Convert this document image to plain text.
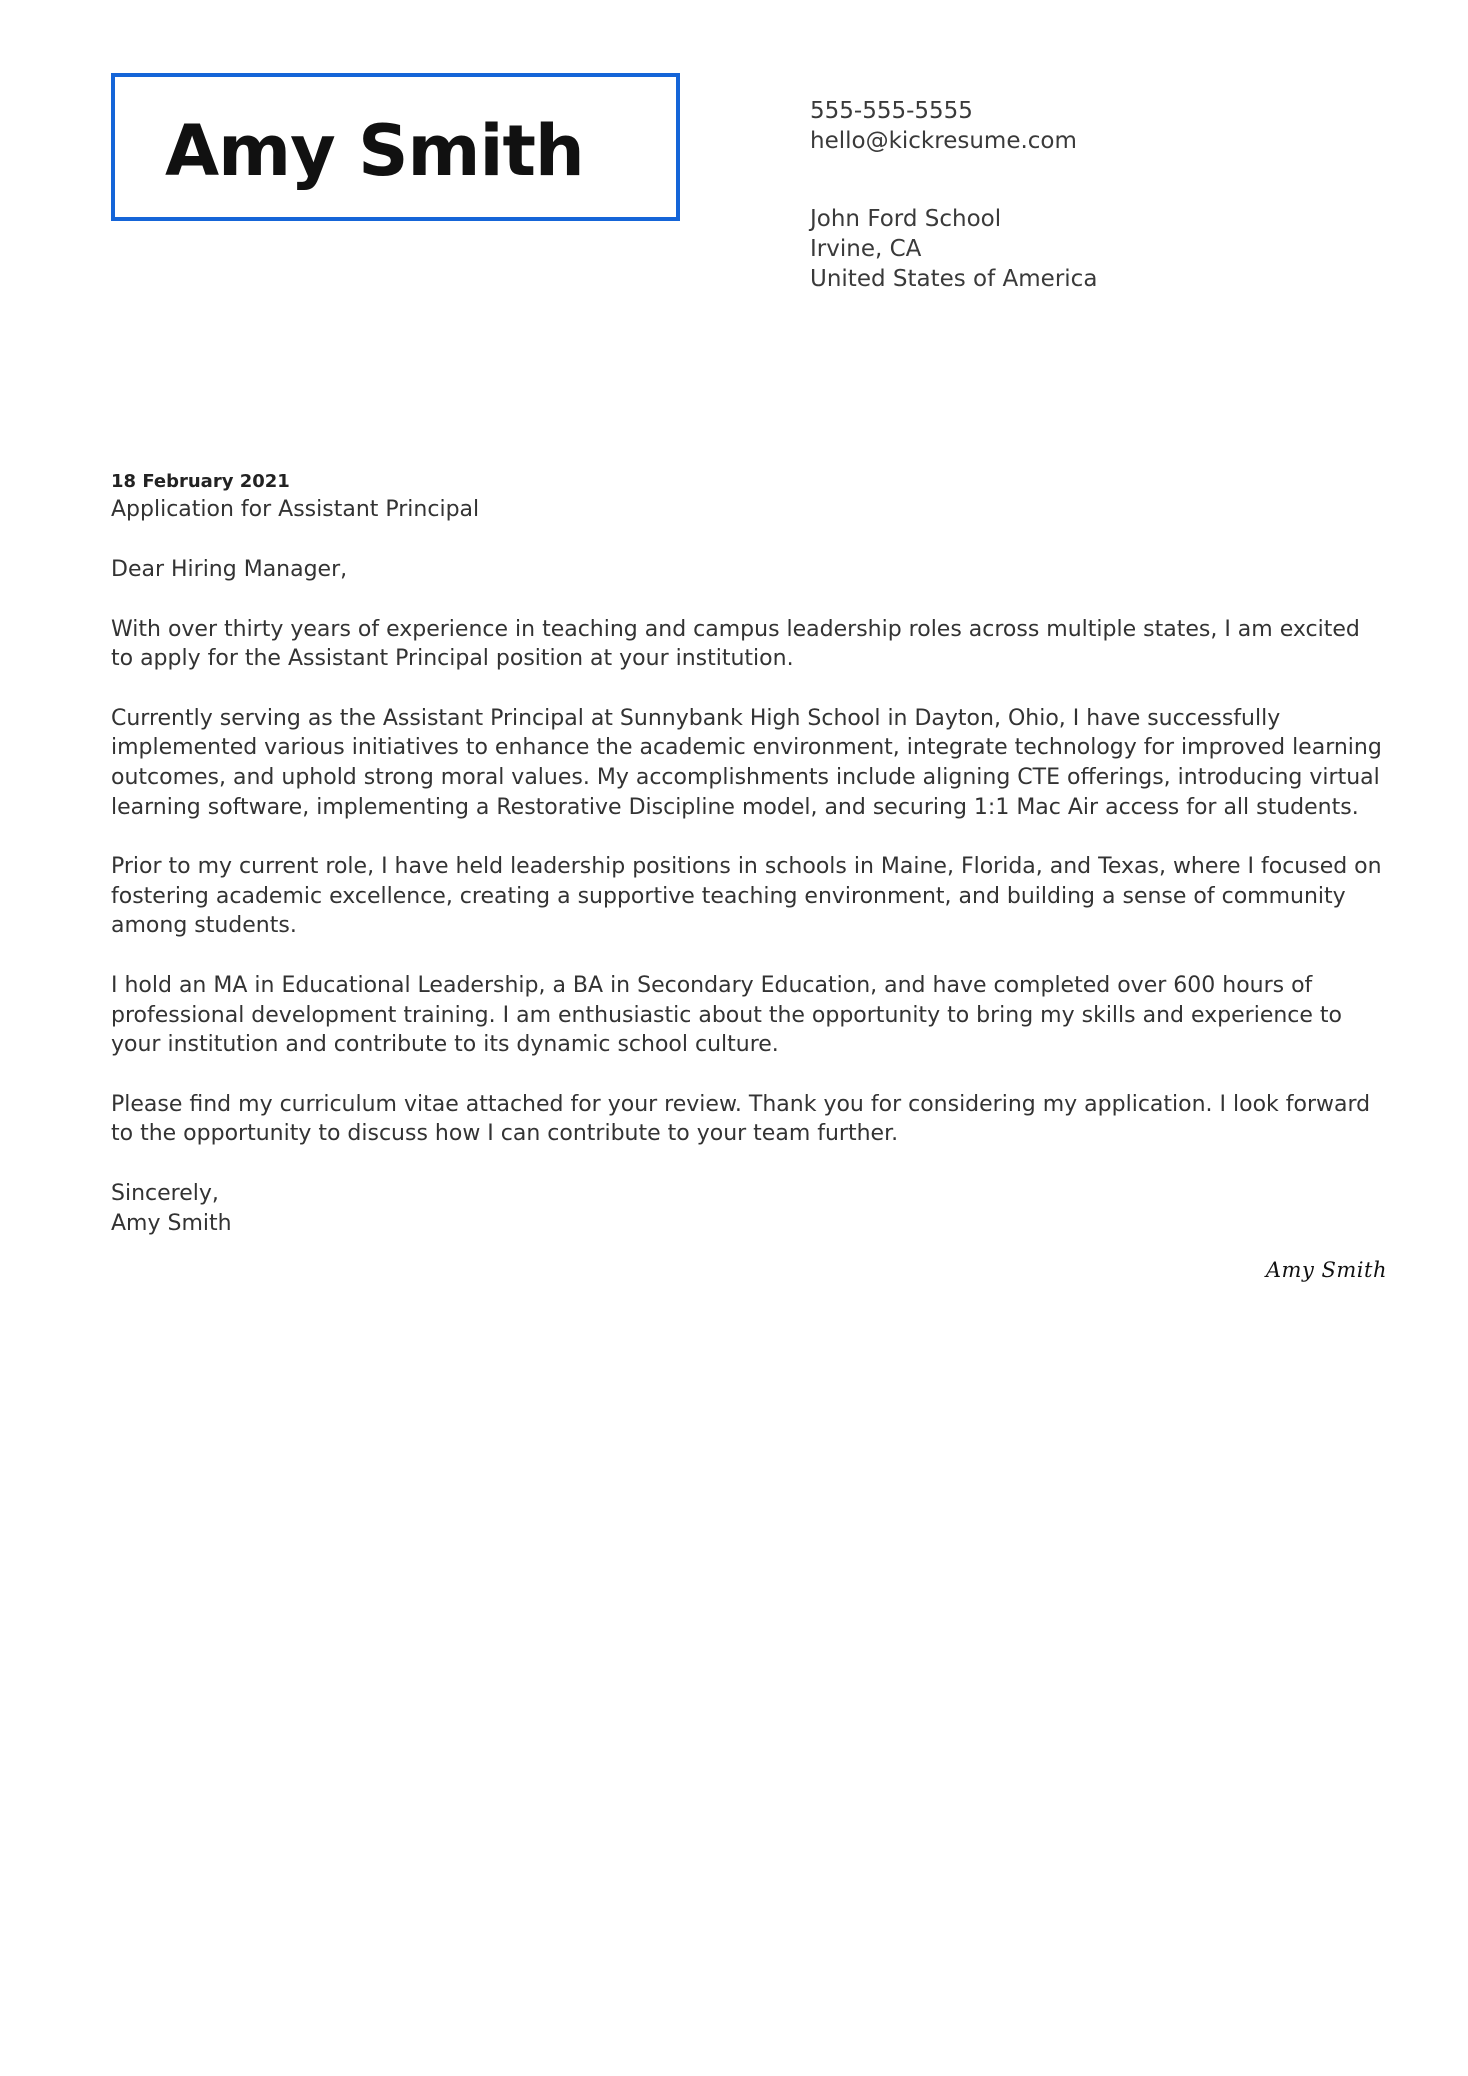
Amy Smith	555-555-5555
hello@kickresume.com
John Ford School
Irvine, CA
United States of America
18 February 2021
Application for Assistant Principal
Dear Hiring Manager,
With over thirty years of experience in teaching and campus leadership roles across multiple states, I am excited to apply for the Assistant Principal position at your institution.
Currently serving as the Assistant Principal at Sunnybank High School in Dayton, Ohio, I have successfully implemented various initiatives to enhance the academic environment, integrate technology for improved learning outcomes, and uphold strong moral values. My accomplishments include aligning CTE offerings, introducing virtual learning software, implementing a Restorative Discipline model, and securing 1:1 Mac Air access for all students.
Prior to my current role, I have held leadership positions in schools in Maine, Florida, and Texas, where I focused on fostering academic excellence, creating a supportive teaching environment, and building a sense of community among students.
I hold an MA in Educational Leadership, a BA in Secondary Education, and have completed over 600 hours of professional development training. I am enthusiastic about the opportunity to bring my skills and experience to your institution and contribute to its dynamic school culture.
Please find my curriculum vitae attached for your review. Thank you for considering my application. I look forward to the opportunity to discuss how I can contribute to your team further.
Sincerely,
Amy Smith
Amy Smith
